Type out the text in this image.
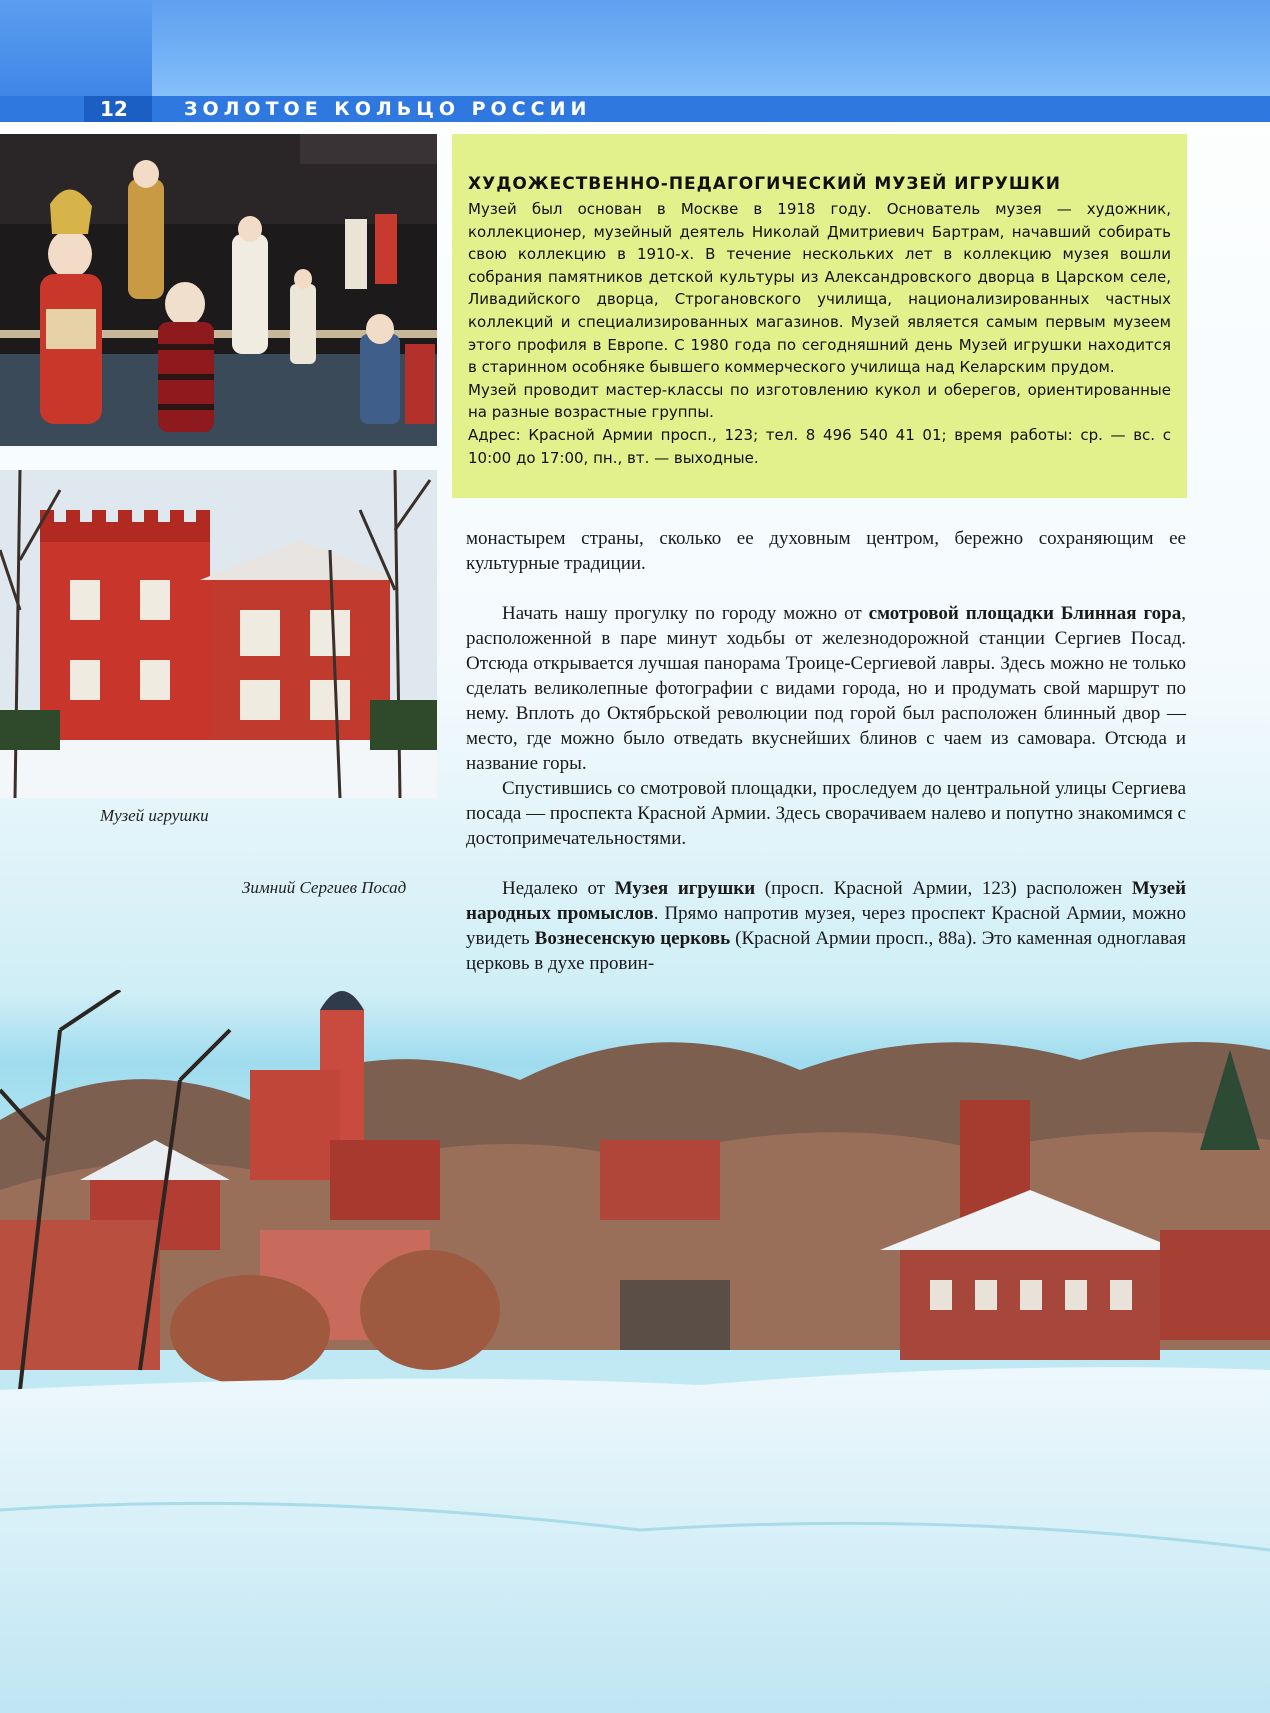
12	ЗОЛОТОЕ КОЛЬЦО РОССИИ
Музей игрушки
Зимний Сергиев Посад
ХУДОЖЕСТВЕННО-ПЕДАГОГИЧЕСКИЙ МУЗЕЙ ИГРУШКИ

Музей был основан в Москве в 1918 году. Основатель музея — художник, коллекционер, музейный деятель Николай Дмитриевич Бартрам, начавший собирать свою коллекцию в 1910-х. В течение нескольких лет в коллекцию музея вошли собрания памятников детской культуры из Александровского дворца в Царском селе, Ливадийского дворца, Строгановского училища, национализированных частных коллекций и специализированных магазинов. Музей является самым первым музеем этого профиля в Европе. С 1980 года по сегодняшний день Музей игрушки находится в старинном особняке бывшего коммерческого училища над Келарским прудом.

Музей проводит мастер-классы по изготовлению кукол и оберегов, ориентированные на разные возрастные группы.

Адрес: Красной Армии просп., 123; тел. 8 496 540 41 01; время работы: ср. — вс. с 10:00 до 17:00, пн., вт. — выходные.

монастырем страны, сколько ее духовным центром, бережно сохраняющим ее культурные традиции.

Начать нашу прогулку по городу можно от смотровой площадки Блинная гора, расположенной в паре минут ходьбы от железнодорожной станции Сергиев Посад. Отсюда открывается лучшая панорама Троице-Сергиевой лавры. Здесь можно не только сделать великолепные фотографии с видами города, но и продумать свой маршрут по нему. Вплоть до Октябрьской революции под горой был расположен блинный двор — место, где можно было отведать вкуснейших блинов с чаем из самовара. Отсюда и название горы.

Спустившись со смотровой площадки, проследуем до центральной улицы Сергиева посада — проспекта Красной Армии. Здесь сворачиваем налево и попутно знакомимся с достопримечательностями.

Недалеко от Музея игрушки (просп. Красной Армии, 123) расположен Музей народных промыслов. Прямо напротив музея, через проспект Красной Армии, можно увидеть Вознесенскую церковь (Красной Армии просп., 88а). Это каменная одноглавая церковь в духе провин-
